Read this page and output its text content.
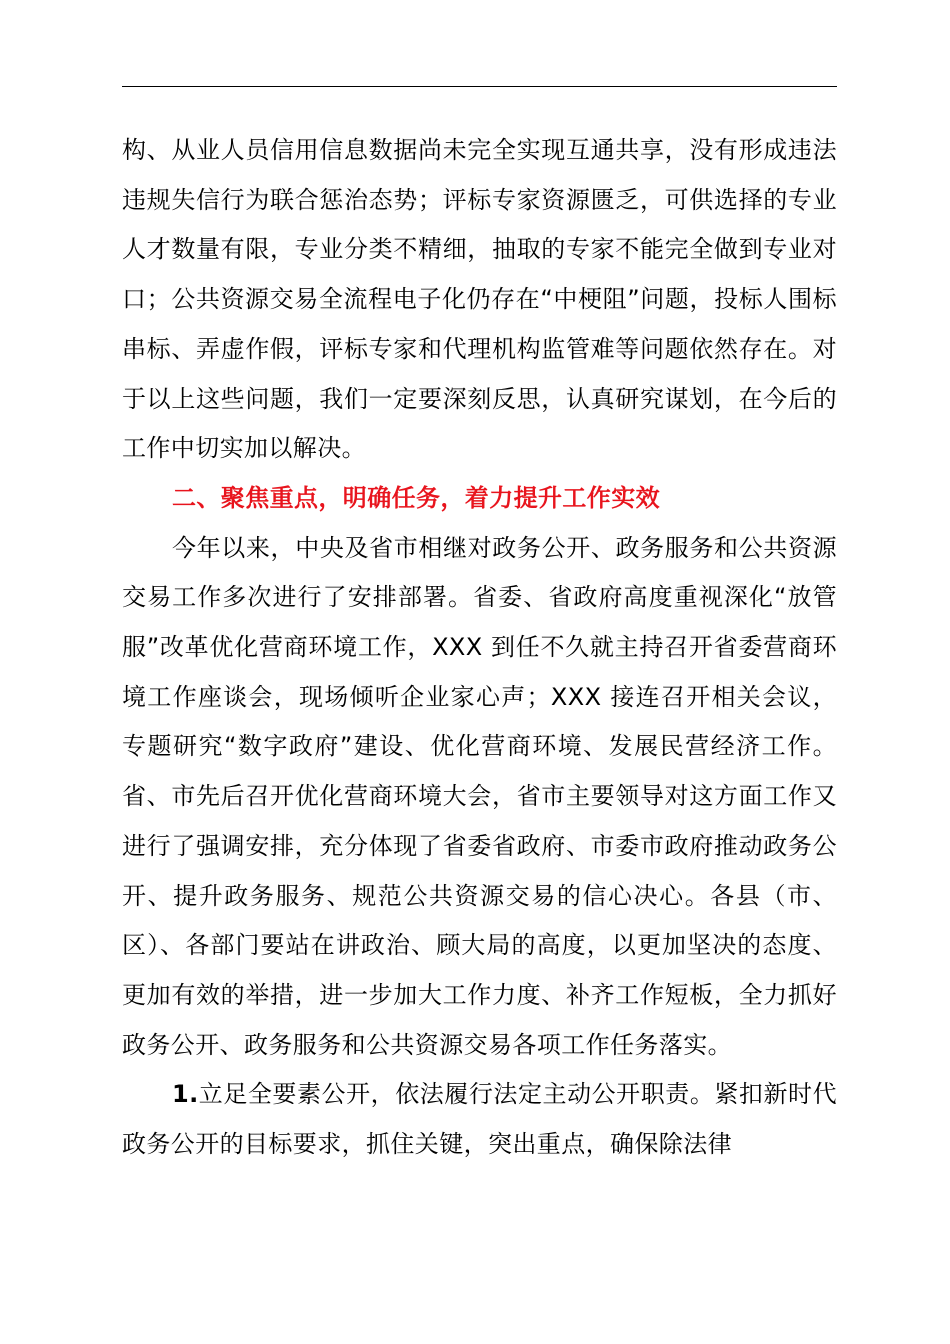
构、从业人员信用信息数据尚未完全实现互通共享，没有形成违法违规失信行为联合惩治态势；评标专家资源匮乏，可供选择的专业人才数量有限，专业分类不精细，抽取的专家不能完全做到专业对口；公共资源交易全流程电子化仍存在“中梗阻”问题，投标人围标串标、弄虚作假，评标专家和代理机构监管难等问题依然存在。对于以上这些问题，我们一定要深刻反思，认真研究谋划，在今后的工作中切实加以解决。

二、聚焦重点，明确任务，着力提升工作实效

今年以来，中央及省市相继对政务公开、政务服务和公共资源交易工作多次进行了安排部署。省委、省政府高度重视深化“放管服”改革优化营商环境工作，XXX 到任不久就主持召开省委营商环境工作座谈会，现场倾听企业家心声；XXX 接连召开相关会议，专题研究“数字政府”建设、优化营商环境、发展民营经济工作。省、市先后召开优化营商环境大会，省市主要领导对这方面工作又进行了强调安排，充分体现了省委省政府、市委市政府推动政务公开、提升政务服务、规范公共资源交易的信心决心。各县（市、区）、各部门要站在讲政治、顾大局的高度，以更加坚决的态度、更加有效的举措，进一步加大工作力度、补齐工作短板，全力抓好政务公开、政务服务和公共资源交易各项工作任务落实。

1.立足全要素公开，依法履行法定主动公开职责。紧扣新时代政务公开的目标要求，抓住关键，突出重点，确保除法律
